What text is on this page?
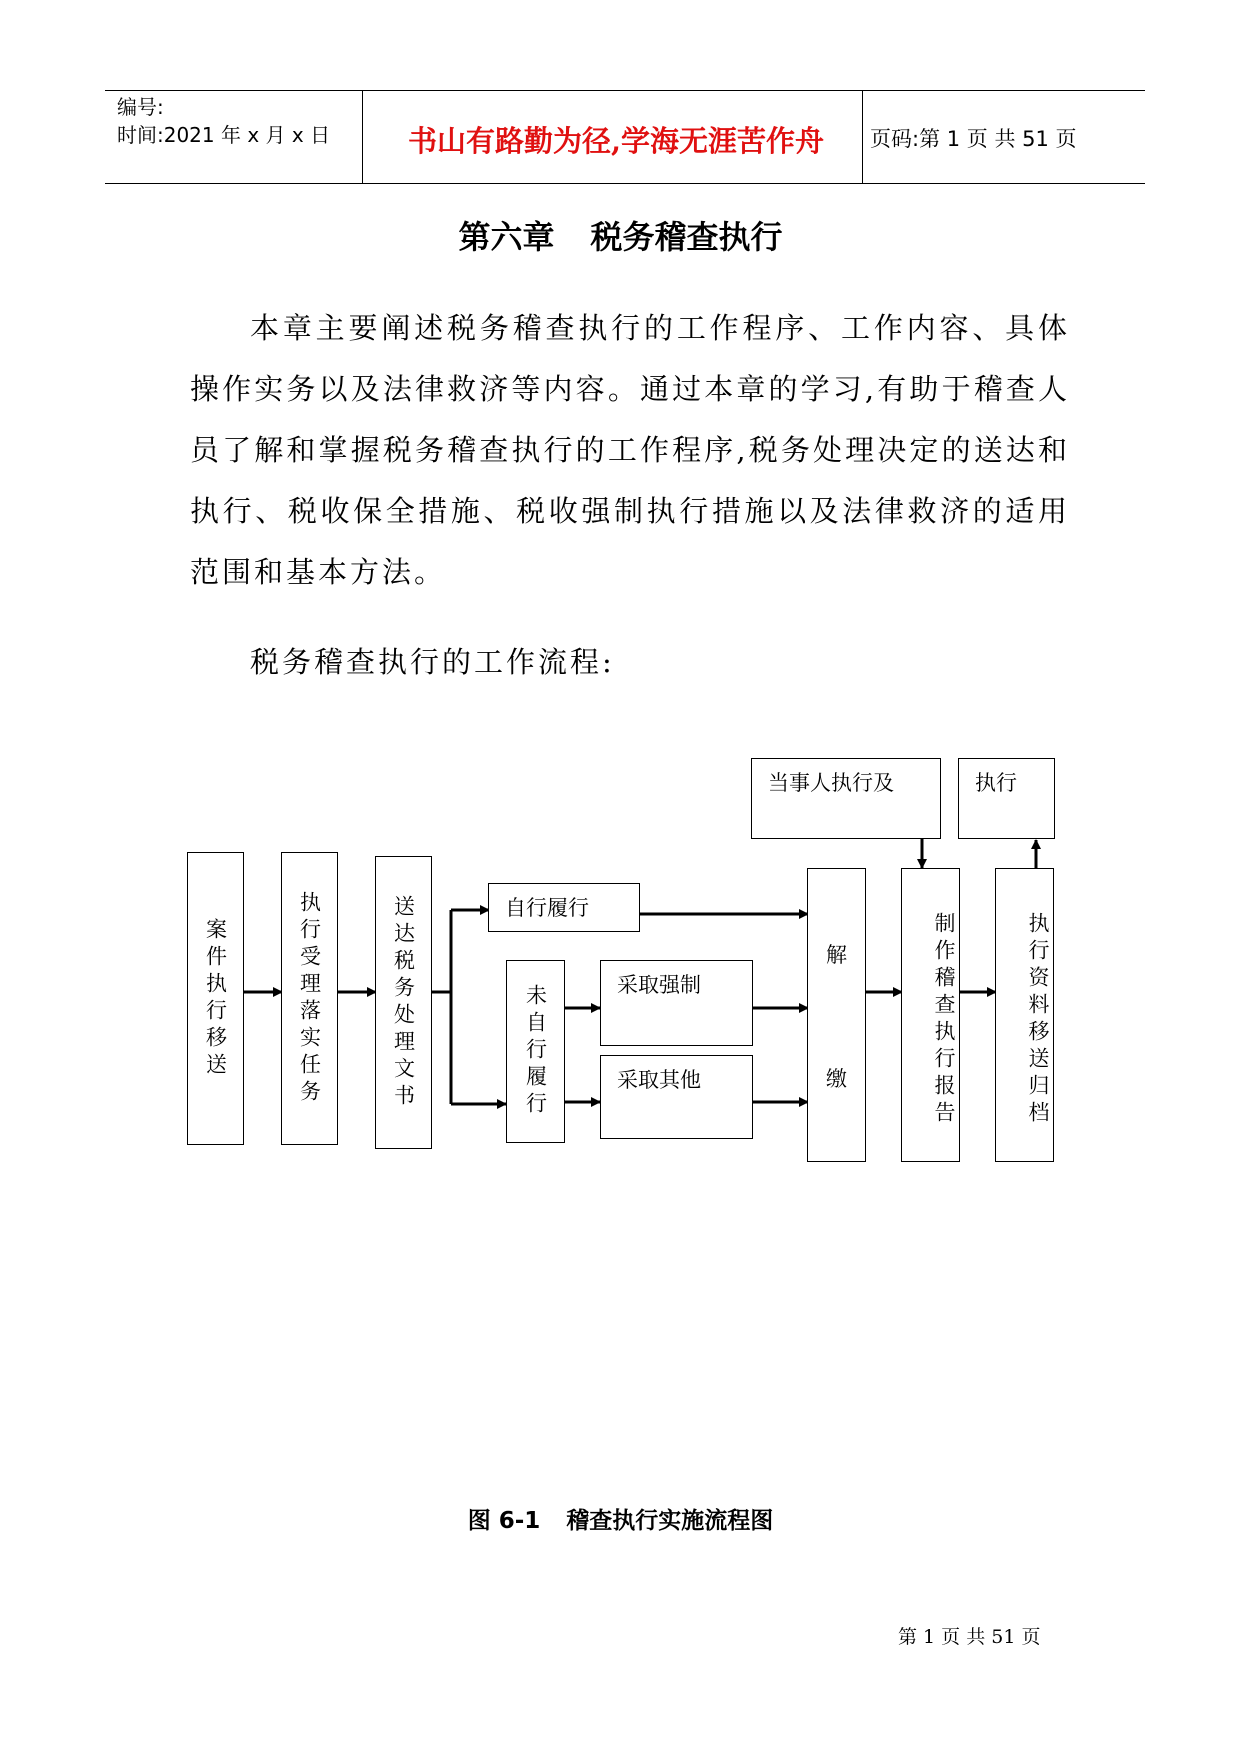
编号:
时间:2021 年 x 月 x 日	书山有路勤为径,学海无涯苦作舟	页码:第 1 页 共 51 页
第六章 税务稽查执行
本章主要阐述税务稽查执行的工作程序、工作内容、具体操作实务以及法律救济等内容。通过本章的学习,有助于稽查人员了解和掌握税务稽查执行的工作程序,税务处理决定的送达和执行、税收保全措施、税收强制执行措施以及法律救济的适用范围和基本方法。
税务稽查执行的工作流程:
案件执行移送	执行受理落实任务	送达税务处理文书	自行履行
未自行履行	采取强制
采取其他
解
缴	制作稽查执行报告	执行资料移送归档
当事人执行及	执行
图 6-1 稽查执行实施流程图
第 1 页 共 51 页
